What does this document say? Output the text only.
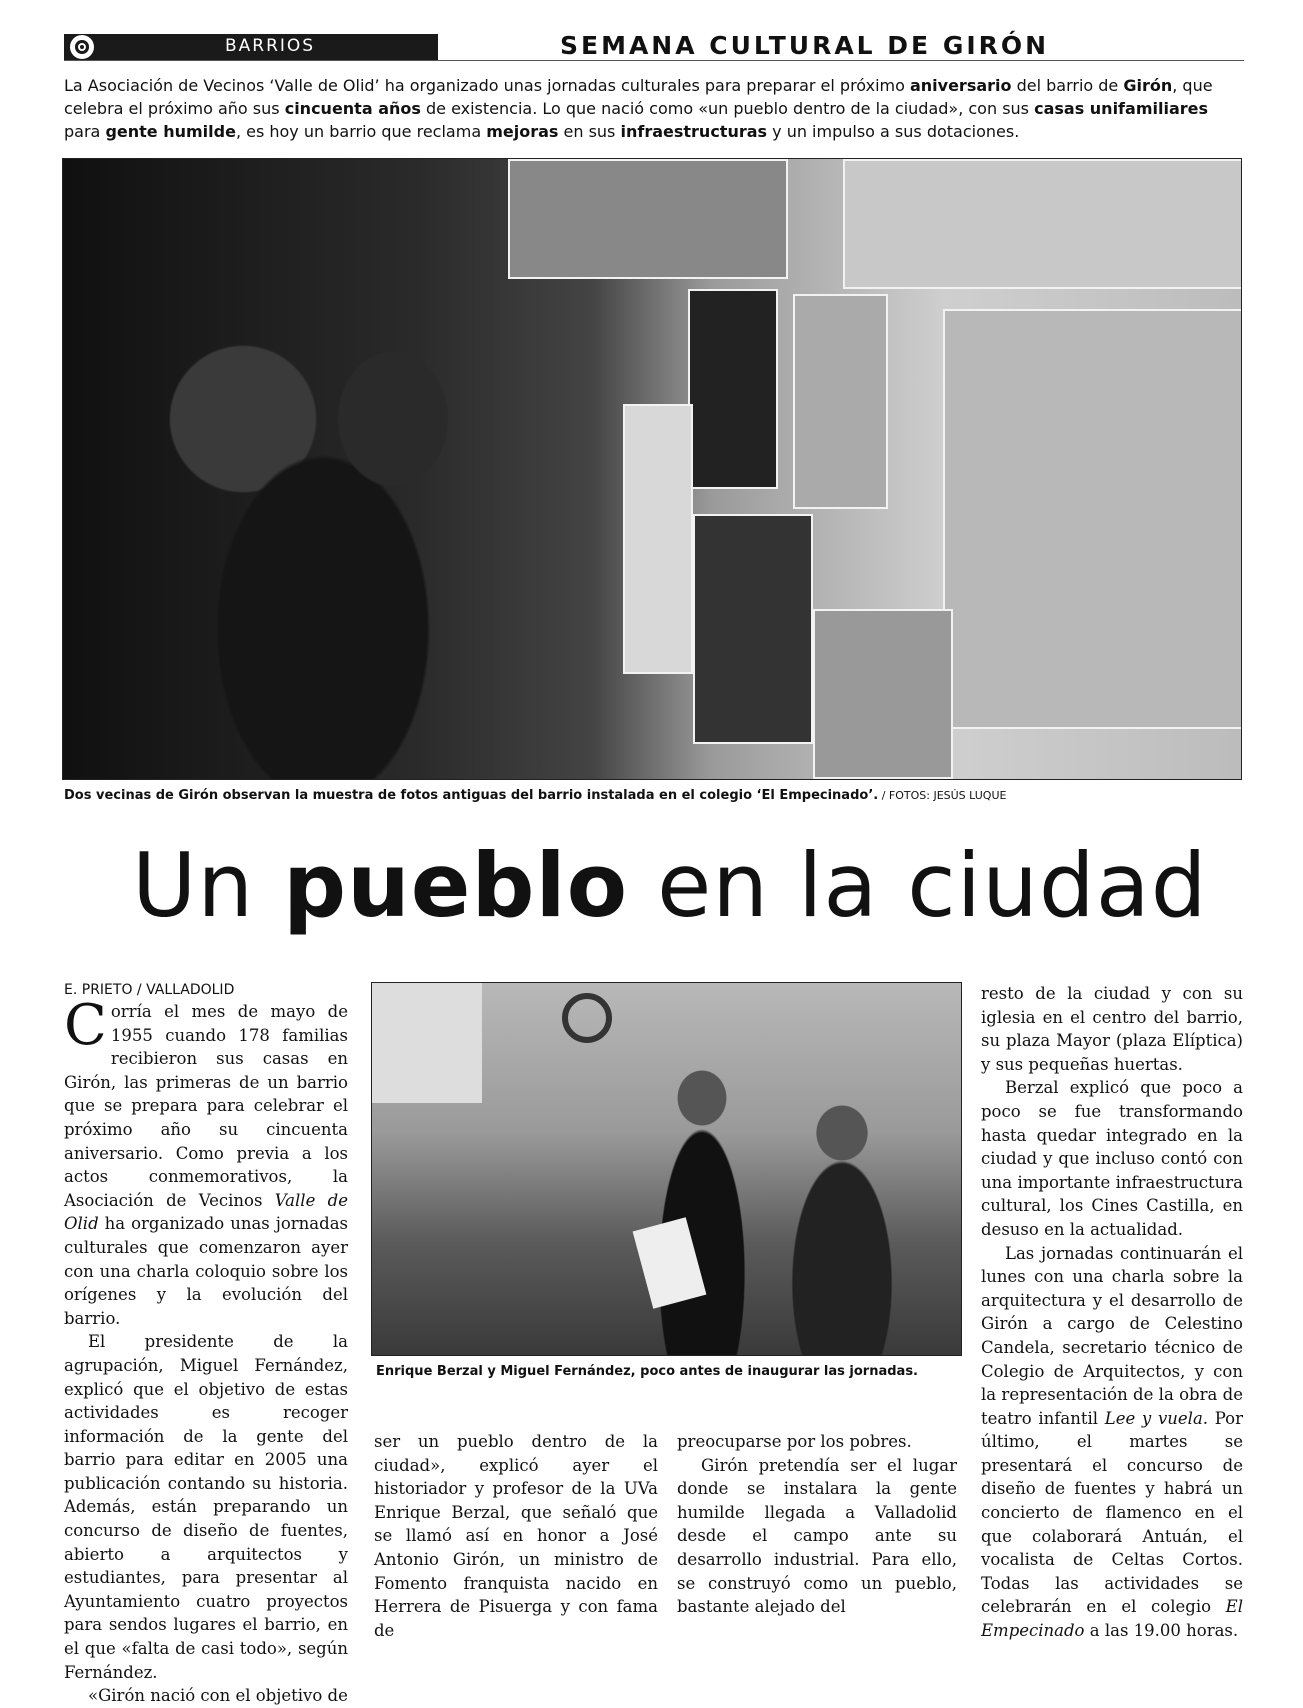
BARRIOS	SEMANA CULTURAL DE GIRÓN
La Asociación de Vecinos ‘Valle de Olid’ ha organizado unas jornadas culturales para preparar el próximo aniversario del barrio de Girón, que celebra el próximo año sus cincuenta años de existencia. Lo que nació como «un pueblo dentro de la ciudad», con sus casas unifamiliares para gente humilde, es hoy un barrio que reclama mejoras en sus infraestructuras y un impulso a sus dotaciones.
Dos vecinas de Girón observan la muestra de fotos antiguas del barrio instalada en el colegio ‘El Empecinado’. / FOTOS: JESÚS LUQUE
Un pueblo en la ciudad
E. PRIETO / VALLADOLID

Corría el mes de mayo de 1955 cuando 178 familias recibieron sus casas en Girón, las primeras de un barrio que se prepara para celebrar el próximo año su cincuenta aniversario. Como previa a los actos conmemorativos, la Asociación de Vecinos Valle de Olid ha organizado unas jornadas culturales que comenzaron ayer con una charla coloquio sobre los orígenes y la evolución del barrio.

El presidente de la agrupación, Miguel Fernández, explicó que el objetivo de estas actividades es recoger información de la gente del barrio para editar en 2005 una publicación contando su historia. Además, están preparando un concurso de diseño de fuentes, abierto a arquitectos y estudiantes, para presentar al Ayuntamiento cuatro proyectos para sendos lugares el barrio, en el que «falta de casi todo», según Fernández.

«Girón nació con el objetivo de

Enrique Berzal y Miguel Fernández, poco antes de inaugurar las jornadas.

ser un pueblo dentro de la ciudad», explicó ayer el historiador y profesor de la UVa Enrique Berzal, que señaló que se llamó así en honor a José Antonio Girón, un ministro de Fomento franquista nacido en Herrera de Pisuerga y con fama de

preocuparse por los pobres.

Girón pretendía ser el lugar donde se instalara la gente humilde llegada a Valladolid desde el campo ante su desarrollo industrial. Para ello, se construyó como un pueblo, bastante alejado del

resto de la ciudad y con su iglesia en el centro del barrio, su plaza Mayor (plaza Elíptica) y sus pequeñas huertas.

Berzal explicó que poco a poco se fue transformando hasta quedar integrado en la ciudad y que incluso contó con una importante infraestructura cultural, los Cines Castilla, en desuso en la actualidad.

Las jornadas continuarán el lunes con una charla sobre la arquitectura y el desarrollo de Girón a cargo de Celestino Candela, secretario técnico de Colegio de Arquitectos, y con la representación de la obra de teatro infantil Lee y vuela. Por último, el martes se presentará el concurso de diseño de fuentes y habrá un concierto de flamenco en el que colaborará Antuán, el vocalista de Celtas Cortos. Todas las actividades se celebrarán en el colegio El Empecinado a las 19.00 horas.
